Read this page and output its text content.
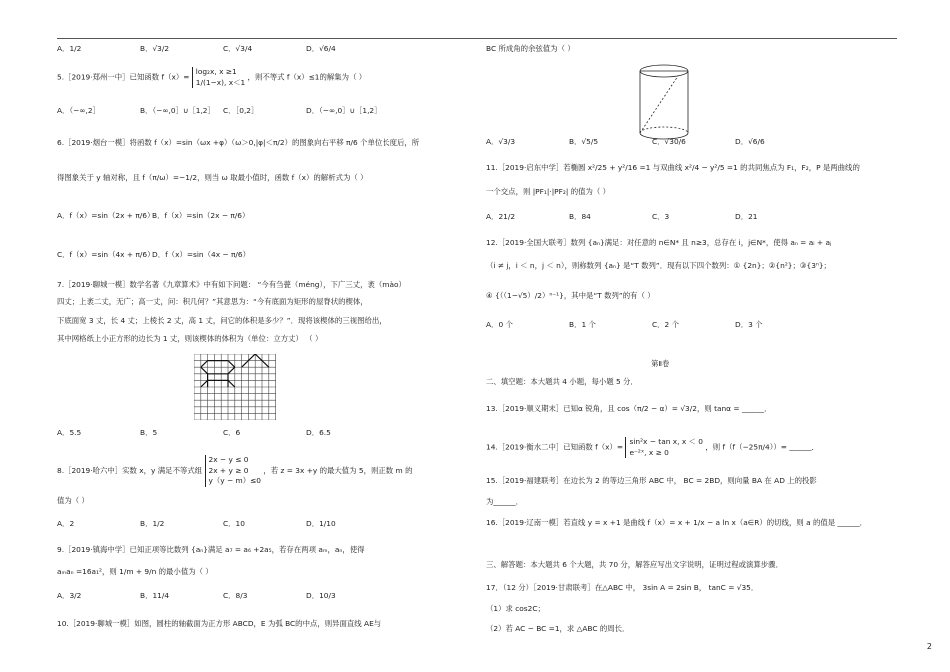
A．1/2	B．√3/2	C．√3/4	D．√6/4
5.［2019·郑州一中］已知函数 f（x）= log₂x, x ≥1
1/(1−x), x＜1 ，则不等式 f（x）≤1的解集为（ ）
A．（−∞,2］	B．（−∞,0］∪［1,2］ C．［0,2］	D．（−∞,0］∪［1,2］
6.［2019·烟台一模］将函数 f（x）=sin（ωx +φ）（ω＞0,|φ|＜π/2）的图象向右平移 π/6 个单位长度后，所
得图象关于 y 轴对称，且 f（π/ω）=−1/2，则当 ω 取最小值时，函数 f（x）的解析式为（ ）
A．f（x）=sin（2x + π/6）
B．f（x）=sin（2x − π/6）
C．f（x）=sin（4x + π/6）
D．f（x）=sin（4x − π/6）
7.［2019·聊城一模］数学名著《九章算术》中有如下问题： “今有刍甍（méng），下广三丈，袤（mào）
四丈；上袤二丈，无广；高一丈，问：积几何？”其意思为：“今有底面为矩形的屋脊状的楔体，
下底面宽 3 丈，长 4 丈；上棱长 2 丈，高 1 丈，问它的体积是多少？”．现将该楔体的三视图给出，
其中网格纸上小正方形的边长为 1 丈，则该楔体的体积为（单位：立方丈） （ ）
A．5.5	B．5	C．6	D．6.5
8.［2019·哈六中］实数 x，y 满足不等式组 2x − y ≤ 0
2x + y ≥ 0
y（y − m）≤0 ，若 z = 3x +y 的最大值为 5，则正数 m 的
值为（ ）
A．2	B．1/2	C．10	D．1/10
9.［2019·镇海中学］已知正项等比数列 {aₙ}满足 a₇ = a₆ +2a₅，若存在两项 aₘ，aₙ，使得
aₘaₙ =16a₁²，则 1/m + 9/n 的最小值为（ ）
A．3/2	B．11/4	C．8/3	D．10/3
10.［2019·聊城一模］如图，圆柱的轴截面为正方形 ABCD，E 为弧 BC的中点，则异面直线 AE与
BC 所成角的余弦值为（ ）
A．√3/3	B．√5/5	C．√30/6	D．√6/6
11.［2019·启东中学］若椭圆 x²/25 + y²/16 =1 与双曲线 x²/4 − y²/5 =1 的共同焦点为 F₁，F₂，P 是两曲线的
一个交点，则 |PF₁|·|PF₂| 的值为（ ）
A．21/2	B．84	C．3	D．21
12.［2019·全国大联考］数列 {aₙ}满足：对任意的 n∈N* 且 n≥3，总存在 i，j∈N*，使得 aₙ = aᵢ + aⱼ
（i ≠ j，i ＜ n，j ＜ n），则称数列 {aₙ} 是“T 数列”．现有以下四个数列：① {2n}；②{n²}；③{3ⁿ}；
④ {（（1−√5）/2）ⁿ⁻¹}，其中是“T 数列”的有（ ）
A．0 个	B．1 个	C．2 个	D．3 个
第Ⅱ卷
二、填空题：本大题共 4 小题，每小题 5 分．
13.［2019·顺义期末］已知α 锐角，且 cos（π/2 − α）= √3/2，则 tanα = ______．
14.［2019·衡水二中］已知函数 f（x）= sin²x − tan x, x ＜ 0
e⁻²ˣ, x ≥ 0 ，则 f（f（−25π/4））= ______．
15.［2019·福建联考］在边长为 2 的等边三角形 ABC 中， BC = 2BD，则向量 BA 在 AD 上的投影
为______．
16.［2019·辽南一模］若直线 y = x +1 是曲线 f（x）= x + 1/x − a ln x（a∈R）的切线，则 a 的值是 ______．
三、解答题：本大题共 6 个大题，共 70 分，解答应写出文字说明，证明过程或演算步骤．
17．（12 分）［2019·甘肃联考］在△ABC 中， 3sin A = 2sin B， tanC = √35．
（1）求 cos2C；
（2）若 AC − BC =1，求 △ABC 的周长．
2
